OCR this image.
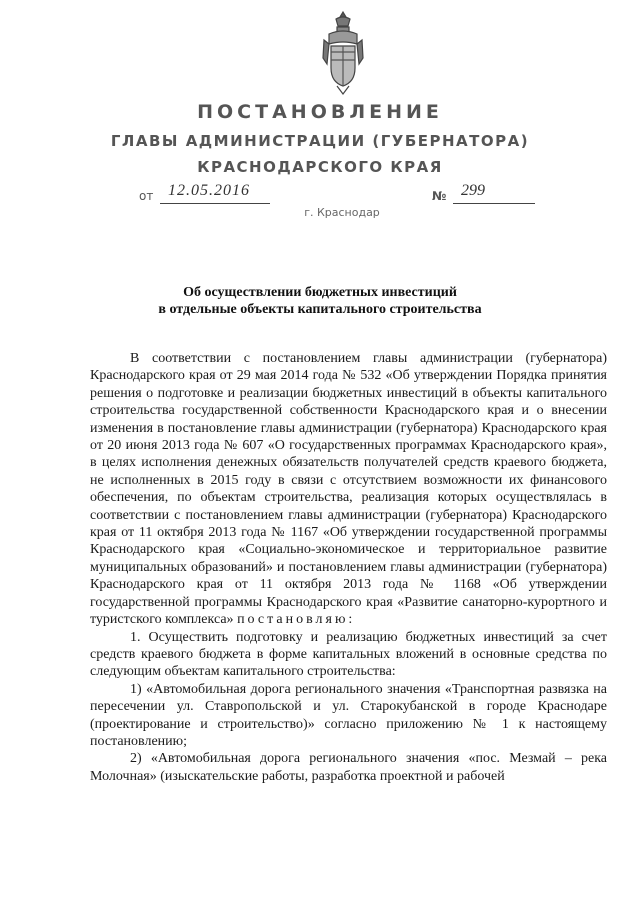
ПОСТАНОВЛЕНИЕ
ГЛАВЫ АДМИНИСТРАЦИИ (ГУБЕРНАТОРА)
КРАСНОДАРСКОГО КРАЯ
от 12.05.2016	№ 299
г. Краснодар
Об осуществлении бюджетных инвестиций
в отдельные объекты капитального строительства

В соответствии с постановлением главы администрации (губернатора) Краснодарского края от 29 мая 2014 года № 532 «Об утверждении Порядка принятия решения о подготовке и реализации бюджетных инвестиций в объекты капитального строительства государственной собственности Краснодарского края и о внесении изменения в постановление главы администрации (губернатора) Краснодарского края от 20 июня 2013 года № 607 «О государственных программах Краснодарского края», в целях исполнения денежных обязательств получателей средств краевого бюджета, не исполненных в 2015 году в связи с отсутствием возможности их финансового обеспечения, по объектам строительства, реализация которых осуществлялась в соответствии с постановлением главы администрации (губернатора) Краснодарского края от 11 октября 2013 года № 1167 «Об утверждении государственной программы Краснодарского края «Социально-экономическое и территориальное развитие муниципальных образований» и постановлением главы администрации (губернатора) Краснодарского края от 11 октября 2013 года № 1168 «Об утверждении государственной программы Краснодарского края «Развитие санаторно-курортного и туристского комплекса» постановляю:

1. Осуществить подготовку и реализацию бюджетных инвестиций за счет средств краевого бюджета в форме капитальных вложений в основные средства по следующим объектам капитального строительства:

1) «Автомобильная дорога регионального значения «Транспортная развязка на пересечении ул. Ставропольской и ул. Старокубанской в городе Краснодаре (проектирование и строительство)» согласно приложению № 1 к настоящему постановлению;

2) «Автомобильная дорога регионального значения «пос. Мезмай – река Молочная» (изыскательские работы, разработка проектной и рабочей
